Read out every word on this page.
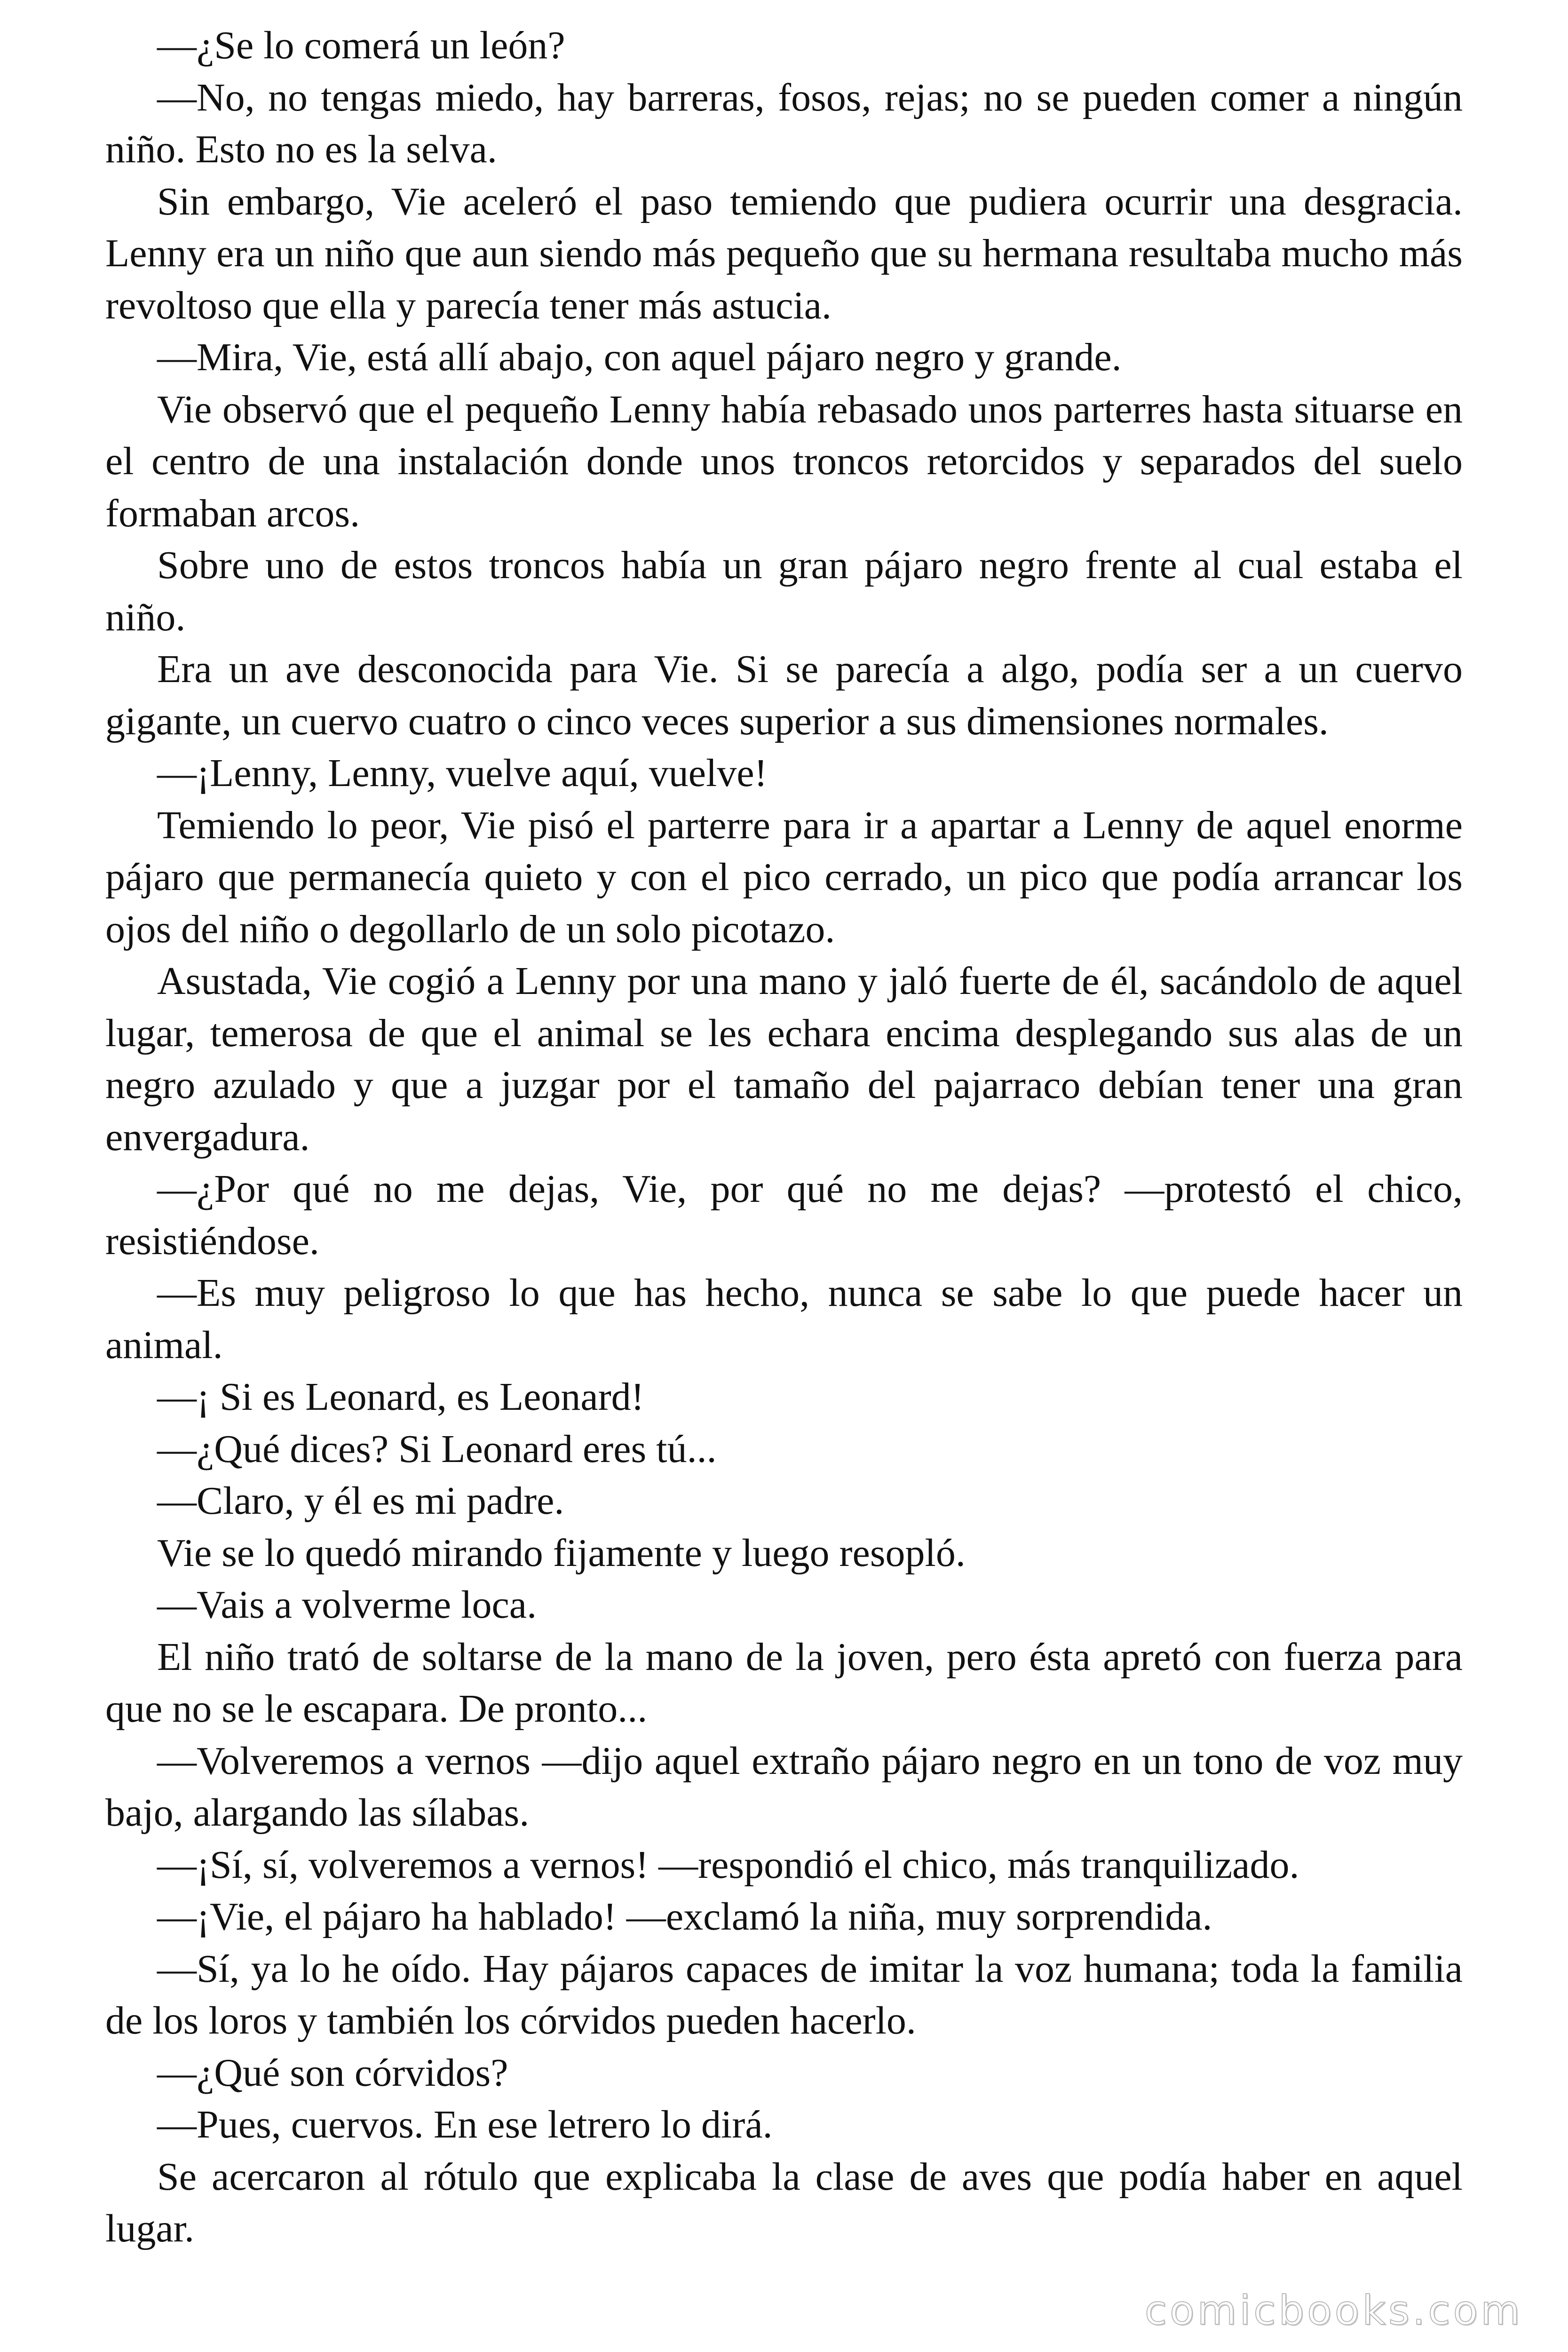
—¿Se lo comerá un león?

—No, no tengas miedo, hay barreras, fosos, rejas; no se pueden comer a ningún niño. Esto no es la selva.

Sin embargo, Vie aceleró el paso temiendo que pudiera ocurrir una desgracia. Lenny era un niño que aun siendo más pequeño que su hermana resultaba mucho más revoltoso que ella y parecía tener más astucia.

—Mira, Vie, está allí abajo, con aquel pájaro negro y grande.

Vie observó que el pequeño Lenny había rebasado unos parterres hasta situarse en el centro de una instalación donde unos troncos retorcidos y separados del suelo formaban arcos.

Sobre uno de estos troncos había un gran pájaro negro frente al cual estaba el niño.

Era un ave desconocida para Vie. Si se parecía a algo, podía ser a un cuervo gigante, un cuervo cuatro o cinco veces superior a sus dimensiones normales.

—¡Lenny, Lenny, vuelve aquí, vuelve!

Temiendo lo peor, Vie pisó el parterre para ir a apartar a Lenny de aquel enorme pájaro que permanecía quieto y con el pico cerrado, un pico que podía arrancar los ojos del niño o degollarlo de un solo picotazo.

Asustada, Vie cogió a Lenny por una mano y jaló fuerte de él, sacándolo de aquel lugar, temerosa de que el animal se les echara encima desplegando sus alas de un negro azulado y que a juzgar por el tamaño del pajarraco debían tener una gran envergadura.

—¿Por qué no me dejas, Vie, por qué no me dejas? —protestó el chico, resistiéndose.

—Es muy peligroso lo que has hecho, nunca se sabe lo que puede hacer un animal.

—¡ Si es Leonard, es Leonard!

—¿Qué dices? Si Leonard eres tú...

—Claro, y él es mi padre.

Vie se lo quedó mirando fijamente y luego resopló.

—Vais a volverme loca.

El niño trató de soltarse de la mano de la joven, pero ésta apretó con fuerza para que no se le escapara. De pronto...

—Volveremos a vernos —dijo aquel extraño pájaro negro en un tono de voz muy bajo, alargando las sílabas.

—¡Sí, sí, volveremos a vernos! —respondió el chico, más tranquilizado.

—¡Vie, el pájaro ha hablado! —exclamó la niña, muy sorprendida.

—Sí, ya lo he oído. Hay pájaros capaces de imitar la voz humana; toda la familia de los loros y también los córvidos pueden hacerlo.

—¿Qué son córvidos?

—Pues, cuervos. En ese letrero lo dirá.

Se acercaron al rótulo que explicaba la clase de aves que podía haber en aquel lugar.

comicbooks.com
